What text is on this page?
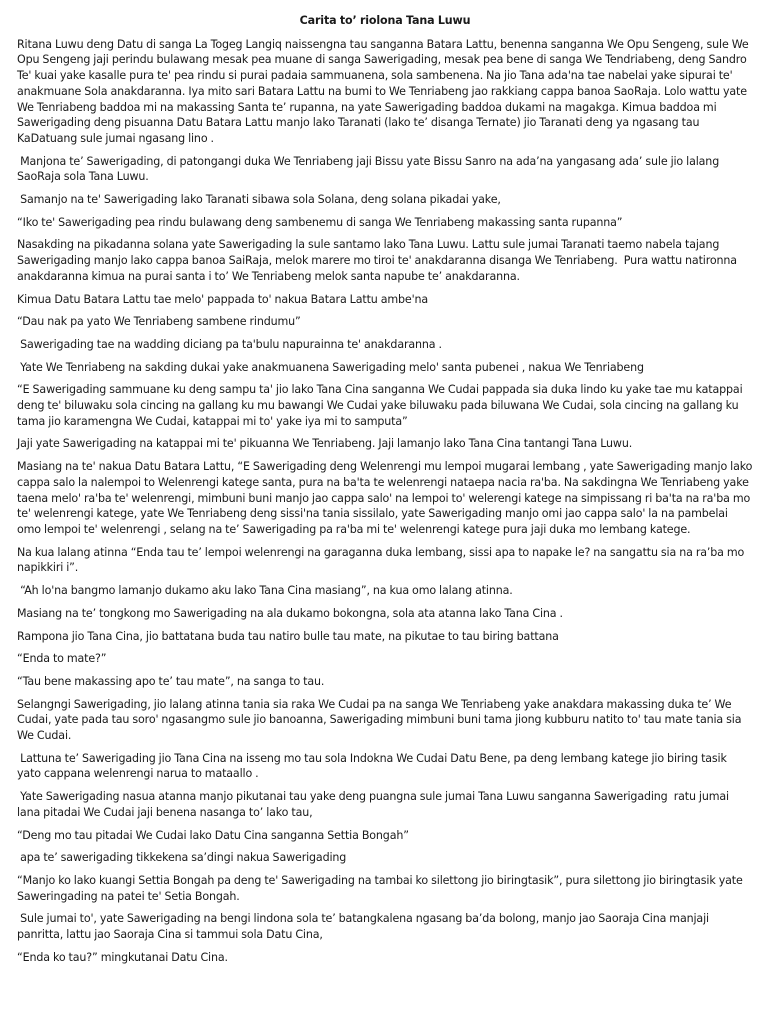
Carita to’ riolona Tana Luwu

Ritana Luwu deng Datu di sanga La Togeg Langiq naissengna tau sanganna Batara Lattu, benenna sanganna We Opu Sengeng, sule We Opu Sengeng jaji perindu bulawang mesak pea muane di sanga Sawerigading, mesak pea bene di sanga We Tendriabeng, deng Sandro Te' kuai yake kasalle pura te' pea rindu si purai padaia sammuanena, sola sambenena. Na jio Tana ada'na tae nabelai yake sipurai te' anakmuane Sola anakdaranna. Iya mito sari Batara Lattu na bumi to We Tenriabeng jao rakkiang cappa banoa SaoRaja. Lolo wattu yate We Tenriabeng baddoa mi na makassing Santa te’ rupanna, na yate Sawerigading baddoa dukami na magakga. Kimua baddoa mi Sawerigading deng pisuanna Datu Batara Lattu manjo lako Taranati (lako te’ disanga Ternate) jio Taranati deng ya ngasang tau KaDatuang sule jumai ngasang lino .

Manjona te’ Sawerigading, di patongangi duka We Tenriabeng jaji Bissu yate Bissu Sanro na ada’na yangasang ada’ sule jio lalang SaoRaja sola Tana Luwu.

Samanjo na te' Sawerigading lako Taranati sibawa sola Solana, deng solana pikadai yake,

“Iko te' Sawerigading pea rindu bulawang deng sambenemu di sanga We Tenriabeng makassing santa rupanna”

Nasakding na pikadanna solana yate Sawerigading la sule santamo lako Tana Luwu. Lattu sule jumai Taranati taemo nabela tajang Sawerigading manjo lako cappa banoa SaiRaja, melok marere mo tiroi te' anakdaranna disanga We Tenriabeng.  Pura wattu natironna anakdaranna kimua na purai santa i to’ We Tenriabeng melok santa napube te’ anakdaranna.

Kimua Datu Batara Lattu tae melo' pappada to' nakua Batara Lattu ambe'na

“Dau nak pa yato We Tenriabeng sambene rindumu”

Sawerigading tae na wadding diciang pa ta'bulu napurainna te' anakdaranna .

Yate We Tenriabeng na sakding dukai yake anakmuanena Sawerigading melo' santa pubenei , nakua We Tenriabeng

“E Sawerigading sammuane ku deng sampu ta' jio lako Tana Cina sanganna We Cudai pappada sia duka lindo ku yake tae mu katappai deng te' biluwaku sola cincing na gallang ku mu bawangi We Cudai yake biluwaku pada biluwana We Cudai, sola cincing na gallang ku tama jio karamengna We Cudai, katappai mi to' yake iya mi to samputa”

Jaji yate Sawerigading na katappai mi te' pikuanna We Tenriabeng. Jaji lamanjo lako Tana Cina tantangi Tana Luwu.

Masiang na te' nakua Datu Batara Lattu, “E Sawerigading deng Welenrengi mu lempoi mugarai lembang , yate Sawerigading manjo lako cappa salo la nalempoi to Welenrengi katege santa, pura na ba'ta te welenrengi nataepa nacia ra'ba. Na sakdingna We Tenriabeng yake taena melo' ra'ba te' welenrengi, mimbuni buni manjo jao cappa salo' na lempoi to' welerengi katege na simpissang ri ba'ta na ra'ba mo te' welenrengi katege, yate We Tenriabeng deng sissi'na tania sissilalo, yate Sawerigading manjo omi jao cappa salo' la na pambelai omo lempoi te' welenrengi , selang na te’ Sawerigading pa ra'ba mi te' welenrengi katege pura jaji duka mo lembang katege.

Na kua lalang atinna “Enda tau te’ lempoi welenrengi na garaganna duka lembang, sissi apa to napake le? na sangattu sia na ra’ba mo napikkiri i”.

“Ah lo'na bangmo lamanjo dukamo aku lako Tana Cina masiang”, na kua omo lalang atinna.

Masiang na te’ tongkong mo Sawerigading na ala dukamo bokongna, sola ata atanna lako Tana Cina .

Rampona jio Tana Cina, jio battatana buda tau natiro bulle tau mate, na pikutae to tau biring battana

“Enda to mate?”

“Tau bene makassing apo te’ tau mate”, na sanga to tau.

Selangngi Sawerigading, jio lalang atinna tania sia raka We Cudai pa na sanga We Tenriabeng yake anakdara makassing duka te’ We Cudai, yate pada tau soro' ngasangmo sule jio banoanna, Sawerigading mimbuni buni tama jiong kubburu natito to' tau mate tania sia We Cudai.

Lattuna te’ Sawerigading jio Tana Cina na isseng mo tau sola Indokna We Cudai Datu Bene, pa deng lembang katege jio biring tasik yato cappana welenrengi narua to mataallo .

Yate Sawerigading nasua atanna manjo pikutanai tau yake deng puangna sule jumai Tana Luwu sanganna Sawerigading  ratu jumai lana pitadai We Cudai jaji benena nasanga to’ lako tau,

“Deng mo tau pitadai We Cudai lako Datu Cina sanganna Settia Bongah”

apa te’ sawerigading tikkekena sa’dingi nakua Sawerigading

“Manjo ko lako kuangi Settia Bongah pa deng te' Sawerigading na tambai ko silettong jio biringtasik”, pura silettong jio biringtasik yate Saweringading na patei te' Setia Bongah.

Sule jumai to', yate Sawerigading na bengi lindona sola te’ batangkalena ngasang ba’da bolong, manjo jao Saoraja Cina manjaji panritta, lattu jao Saoraja Cina si tammui sola Datu Cina,

“Enda ko tau?” mingkutanai Datu Cina.
